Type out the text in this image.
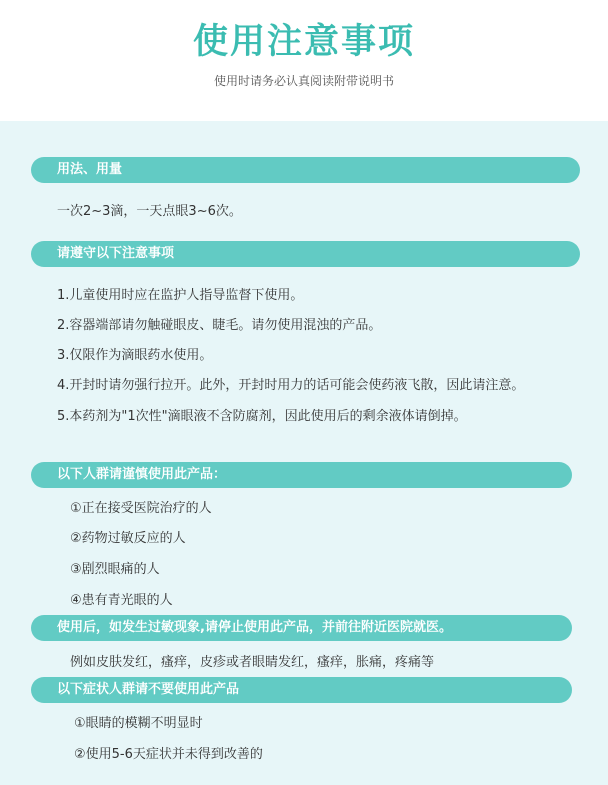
使用注意事项
使用时请务必认真阅读附带说明书
用法、用量
一次2~3滴，一天点眼3~6次。
请遵守以下注意事项
1.儿童使用时应在监护人指导监督下使用。
2.容器端部请勿触碰眼皮、睫毛。请勿使用混浊的产品。
3.仅限作为滴眼药水使用。
4.开封时请勿强行拉开。此外，开封时用力的话可能会使药液飞散，因此请注意。
5.本药剂为"1次性"滴眼液不含防腐剂，因此使用后的剩余液体请倒掉。
以下人群请谨慎使用此产品：
①正在接受医院治疗的人
②药物过敏反应的人
③剧烈眼痛的人
④患有青光眼的人
使用后，如发生过敏现象,请停止使用此产品，并前往附近医院就医。
例如皮肤发红，瘙痒，皮疹或者眼睛发红，瘙痒，胀痛，疼痛等
以下症状人群请不要使用此产品
①眼睛的模糊不明显时
②使用5-6天症状并未得到改善的
